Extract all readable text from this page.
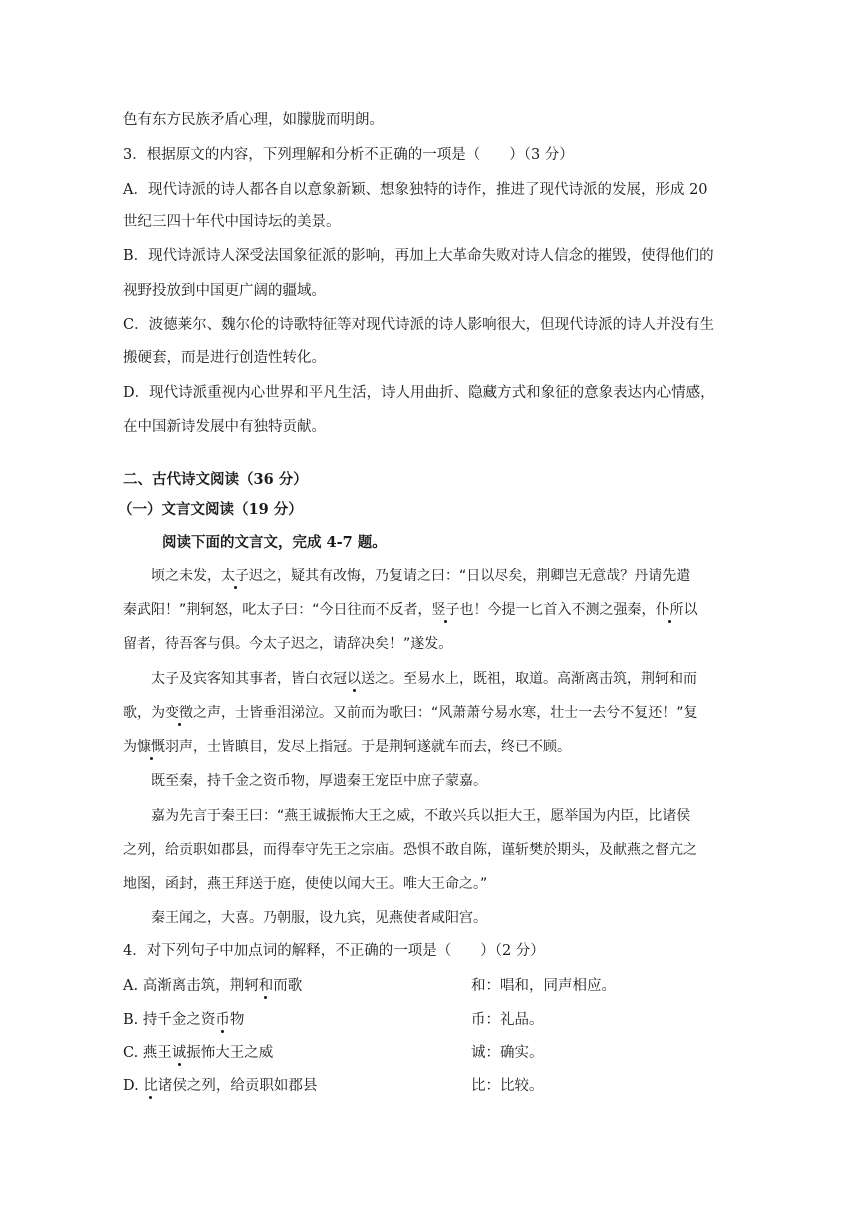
色有东方民族矛盾心理，如朦胧而明朗。

3．根据原文的内容，下列理解和分析不正确的一项是（　　）（3 分）

A．现代诗派的诗人都各自以意象新颖、想象独特的诗作，推进了现代诗派的发展，形成 20

世纪三四十年代中国诗坛的美景。

B．现代诗派诗人深受法国象征派的影响，再加上大革命失败对诗人信念的摧毁，使得他们的

视野投放到中国更广阔的疆域。

C．波德莱尔、魏尔伦的诗歌特征等对现代诗派的诗人影响很大，但现代诗派的诗人并没有生

搬硬套，而是进行创造性转化。

D．现代诗派重视内心世界和平凡生活，诗人用曲折、隐藏方式和象征的意象表达内心情感，

在中国新诗发展中有独特贡献。

二、古代诗文阅读（36 分）

（一）文言文阅读（19 分）

阅读下面的文言文，完成 4-7 题。

顷之未发，太子迟之，疑其有改悔，乃复请之曰：“日以尽矣，荆卿岂无意哉？丹请先遣

秦武阳！”荆轲怒，叱太子曰：“今日往而不反者，竖子也！今提一匕首入不测之强秦，仆所以

留者，待吾客与俱。今太子迟之，请辞决矣！”遂发。

太子及宾客知其事者，皆白衣冠以送之。至易水上，既祖，取道。高渐离击筑，荆轲和而

歌，为变徵之声，士皆垂泪涕泣。又前而为歌曰：“风萧萧兮易水寒，壮士一去兮不复还！”复

为慷慨羽声，士皆瞋目，发尽上指冠。于是荆轲遂就车而去，终已不顾。

既至秦，持千金之资币物，厚遗秦王宠臣中庶子蒙嘉。

嘉为先言于秦王曰：“燕王诚振怖大王之威，不敢兴兵以拒大王，愿举国为内臣，比诸侯

之列，给贡职如郡县，而得奉守先王之宗庙。恐惧不敢自陈，谨斩樊於期头，及献燕之督亢之

地图，函封，燕王拜送于庭，使使以闻大王。唯大王命之。”

秦王闻之，大喜。乃朝服，设九宾，见燕使者咸阳宫。

4．对下列句子中加点词的解释，不正确的一项是（　　）（2 分）

A. 高渐离击筑，荆轲和而歌	和：唱和，同声相应。

B. 持千金之资币物	币：礼品。

C. 燕王诚振怖大王之威	诚：确实。

D. 比诸侯之列，给贡职如郡县	比：比较。
